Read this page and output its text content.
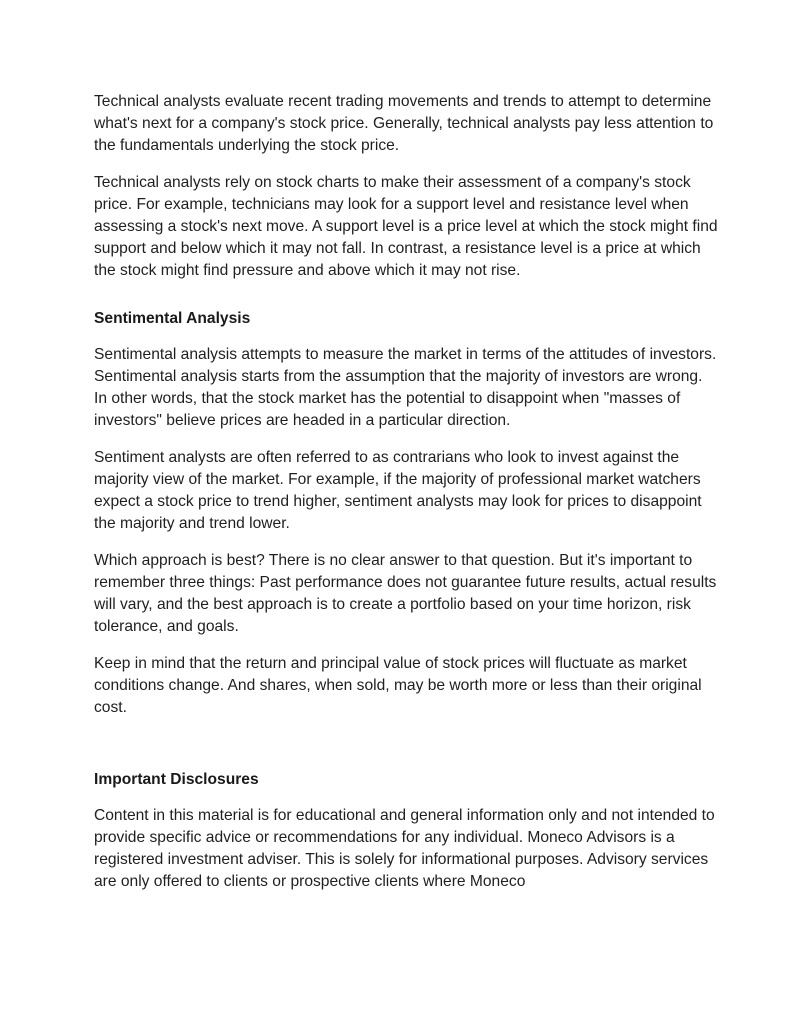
Technical analysts evaluate recent trading movements and trends to attempt to determine what's next for a company's stock price. Generally, technical analysts pay less attention to the fundamentals underlying the stock price.

Technical analysts rely on stock charts to make their assessment of a company's stock price. For example, technicians may look for a support level and resistance level when assessing a stock's next move. A support level is a price level at which the stock might find support and below which it may not fall. In contrast, a resistance level is a price at which the stock might find pressure and above which it may not rise.

Sentimental Analysis

Sentimental analysis attempts to measure the market in terms of the attitudes of investors. Sentimental analysis starts from the assumption that the majority of investors are wrong. In other words, that the stock market has the potential to disappoint when "masses of investors" believe prices are headed in a particular direction.

Sentiment analysts are often referred to as contrarians who look to invest against the majority view of the market. For example, if the majority of professional market watchers expect a stock price to trend higher, sentiment analysts may look for prices to disappoint the majority and trend lower.

Which approach is best? There is no clear answer to that question. But it's important to remember three things: Past performance does not guarantee future results, actual results will vary, and the best approach is to create a portfolio based on your time horizon, risk tolerance, and goals.

Keep in mind that the return and principal value of stock prices will fluctuate as market conditions change. And shares, when sold, may be worth more or less than their original cost.

Important Disclosures

Content in this material is for educational and general information only and not intended to provide specific advice or recommendations for any individual. Moneco Advisors is a registered investment adviser. This is solely for informational purposes. Advisory services are only offered to clients or prospective clients where Moneco
